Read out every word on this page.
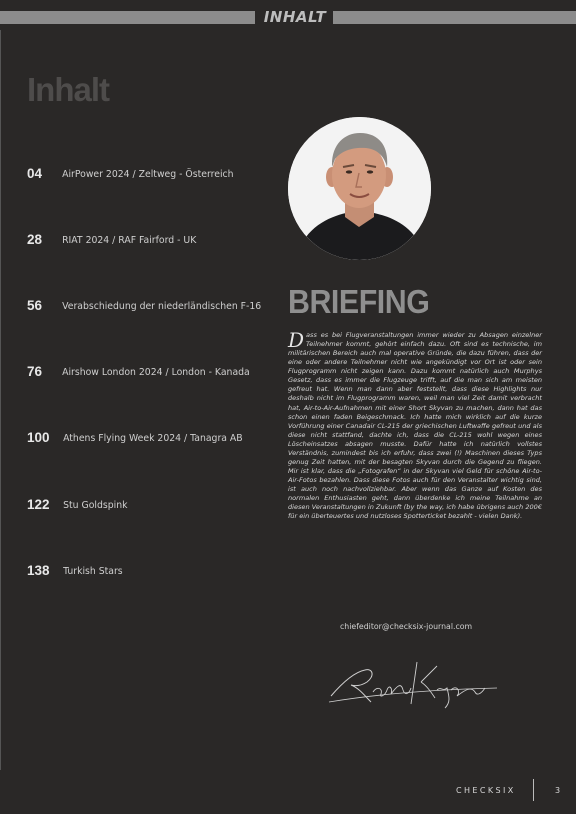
INHALT
Inhalt
04 AirPower 2024 / Zeltweg - Österreich
28 RIAT 2024 / RAF Fairford - UK
56 Verabschiedung der niederländischen F-16
76 Airshow London 2024 / London - Kanada
100 Athens Flying Week 2024 / Tanagra AB
122 Stu Goldspink
138 Turkish Stars
BRIEFING
Dass es bei Flugveranstaltungen immer wieder zu Absagen einzelner Teilnehmer kommt, gehört einfach dazu. Oft sind es technische, im militärischen Bereich auch mal operative Gründe, die dazu führen, dass der eine oder andere Teilnehmer nicht wie angekündigt vor Ort ist oder sein Flugprogramm nicht zeigen kann. Dazu kommt natürlich auch Murphys Gesetz, dass es immer die Flugzeuge trifft, auf die man sich am meisten gefreut hat. Wenn man dann aber feststellt, dass diese Highlights nur deshalb nicht im Flugprogramm waren, weil man viel Zeit damit verbracht hat, Air-to-Air-Aufnahmen mit einer Short Skyvan zu machen, dann hat das schon einen faden Beigeschmack. Ich hatte mich wirklich auf die kurze Vorführung einer Canadair CL-215 der griechischen Luftwaffe gefreut und als diese nicht stattfand, dachte ich, dass die CL-215 wohl wegen eines Löscheinsatzes absagen musste. Dafür hatte ich natürlich vollstes Verständnis, zumindest bis ich erfuhr, dass zwei (!) Maschinen dieses Typs genug Zeit hatten, mit der besagten Skyvan durch die Gegend zu fliegen. Mir ist klar, dass die „Fotografen“ in der Skyvan viel Geld für schöne Air-to-Air-Fotos bezahlen. Dass diese Fotos auch für den Veranstalter wichtig sind, ist auch noch nachvollziehbar. Aber wenn das Ganze auf Kosten des normalen Enthusiasten geht, dann überdenke ich meine Teilnahme an diesen Veranstaltungen in Zukunft (by the way, ich habe übrigens auch 200€ für ein überteuertes und nutzloses Spotterticket bezahlt - vielen Dank).
chiefeditor@checksix-journal.com
Robert Kysela
CHECKSIX	3
